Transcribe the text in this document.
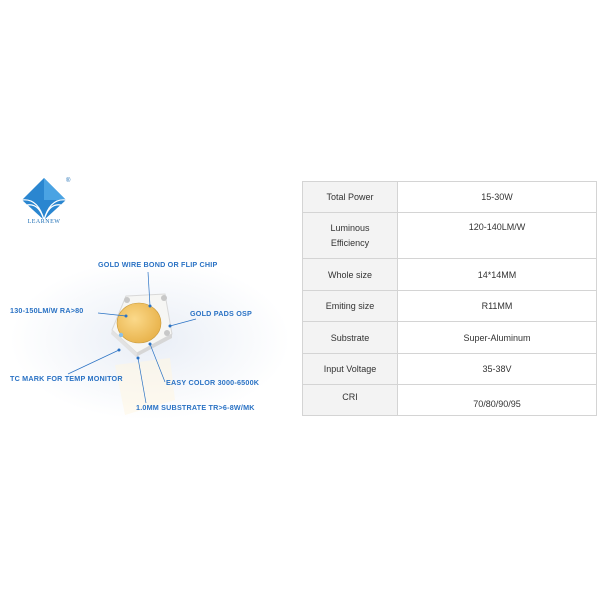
®
LEARNEW
GOLD WIRE BOND OR FLIP CHIP
130-150LM/W RA>80	GOLD PADS OSP
TC MARK FOR TEMP MONITOR	EASY COLOR 3000-6500K
1.0MM SUBSTRATE TR>6-8W/MK
Total Power	15-30W

Luminous
Efficiency	120-140LM/W
Whole size	14*14MM
Emiting size	R11MM
Substrate	Super-Aluminum
Input Voltage	35-38V
CRI	70/80/90/95
